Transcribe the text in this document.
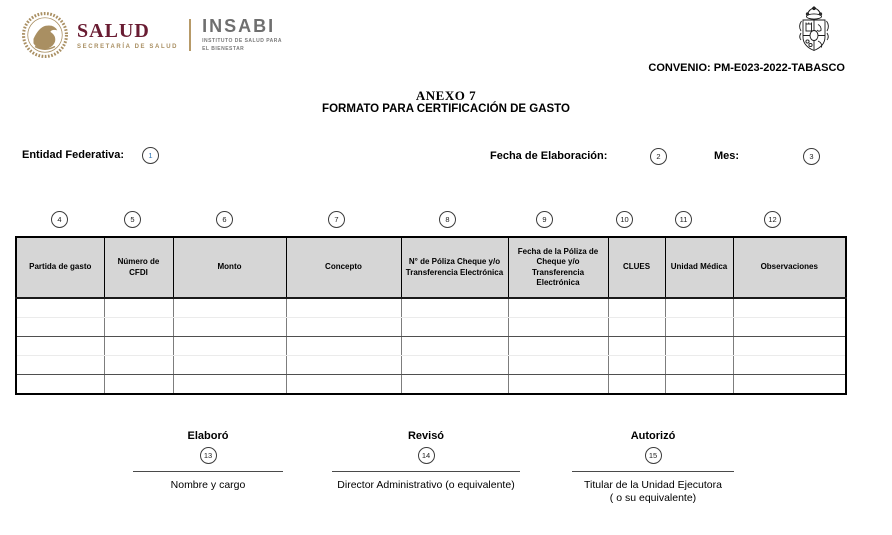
SALUD
SECRETARÍA DE SALUD
INSABI
INSTITUTO DE SALUD PARA
EL BIENESTAR
CONVENIO: PM-E023-2022-TABASCO
ANEXO 7
FORMATO PARA CERTIFICACIÓN DE GASTO
Entidad Federativa:	1	Fecha de Elaboración:	2	Mes:	3
4	5	6	7	8	9	10	11	12
Partida de gasto	Número de CFDI	Monto	Concepto	N° de Póliza Cheque y/o Transferencia Electrónica	Fecha de la Póliza de Cheque y/o Transferencia Electrónica	CLUES	Unidad Médica	Observaciones

Elaboró
13
Nombre y cargo
Revisó
14
Director Administrativo (o equivalente)
Autorizó
15
Titular de la Unidad Ejecutora
( o su equivalente)
